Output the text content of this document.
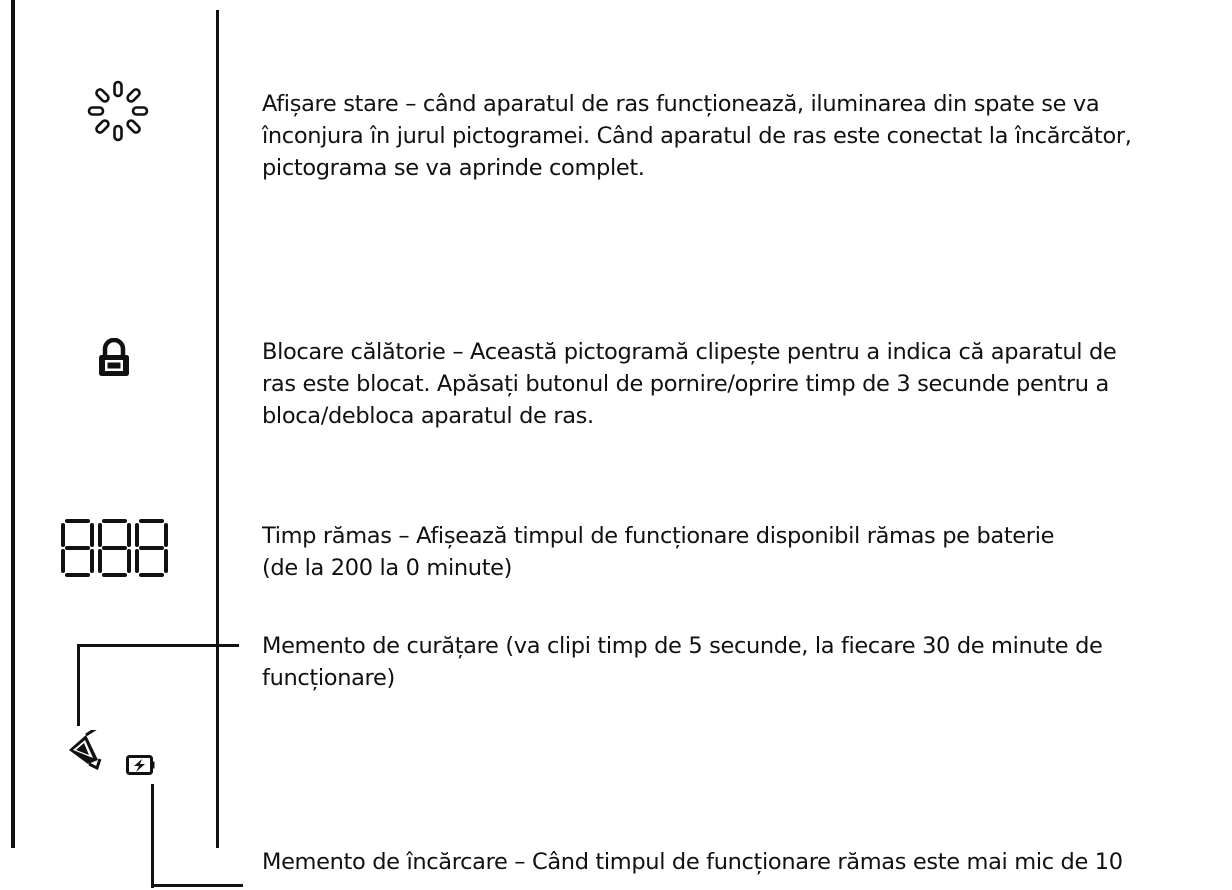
Afișare stare – când aparatul de ras funcționează, iluminarea din spate se va
înconjura în jurul pictogramei. Când aparatul de ras este conectat la încărcător,
pictograma se va aprinde complet.
Blocare călătorie – Această pictogramă clipește pentru a indica că aparatul de
ras este blocat. Apăsați butonul de pornire/oprire timp de 3 secunde pentru a
bloca/debloca aparatul de ras.
Timp rămas – Afișează timpul de funcționare disponibil rămas pe baterie
(de la 200 la 0 minute)
Memento de curățare (va clipi timp de 5 secunde, la fiecare 30 de minute de
funcționare)
Memento de încărcare – Când timpul de funcționare rămas este mai mic de 10
